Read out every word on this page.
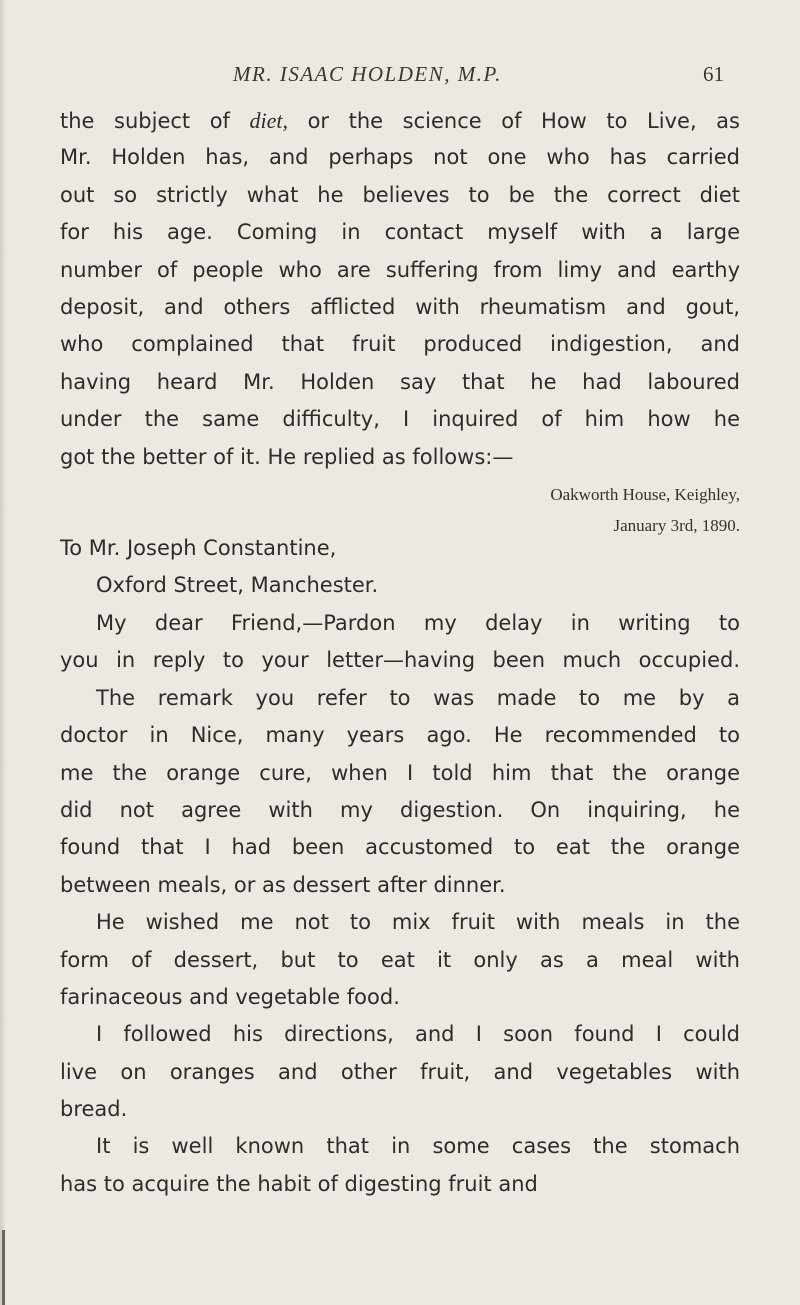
MR. ISAAC HOLDEN, M.P.	61
the subject of diet, or the science of How to Live, as
Mr. Holden has, and perhaps not one who has carried
out so strictly what he believes to be the correct diet
for his age. Coming in contact myself with a large
number of people who are suffering from limy and earthy
deposit, and others afflicted with rheumatism and gout,
who complained that fruit produced indigestion, and
having heard Mr. Holden say that he had laboured
under the same difficulty, I inquired of him how he
got the better of it. He replied as follows:—
Oakworth House, Keighley,
January 3rd, 1890.
To Mr. Joseph Constantine,
Oxford Street, Manchester.
My dear Friend,—Pardon my delay in writing to
you in reply to your letter—having been much occupied.
The remark you refer to was made to me by a
doctor in Nice, many years ago. He recommended to
me the orange cure, when I told him that the orange
did not agree with my digestion. On inquiring, he
found that I had been accustomed to eat the orange
between meals, or as dessert after dinner.
He wished me not to mix fruit with meals in the
form of dessert, but to eat it only as a meal with
farinaceous and vegetable food.
I followed his directions, and I soon found I could
live on oranges and other fruit, and vegetables with
bread.
It is well known that in some cases the stomach
has to acquire the habit of digesting fruit and
